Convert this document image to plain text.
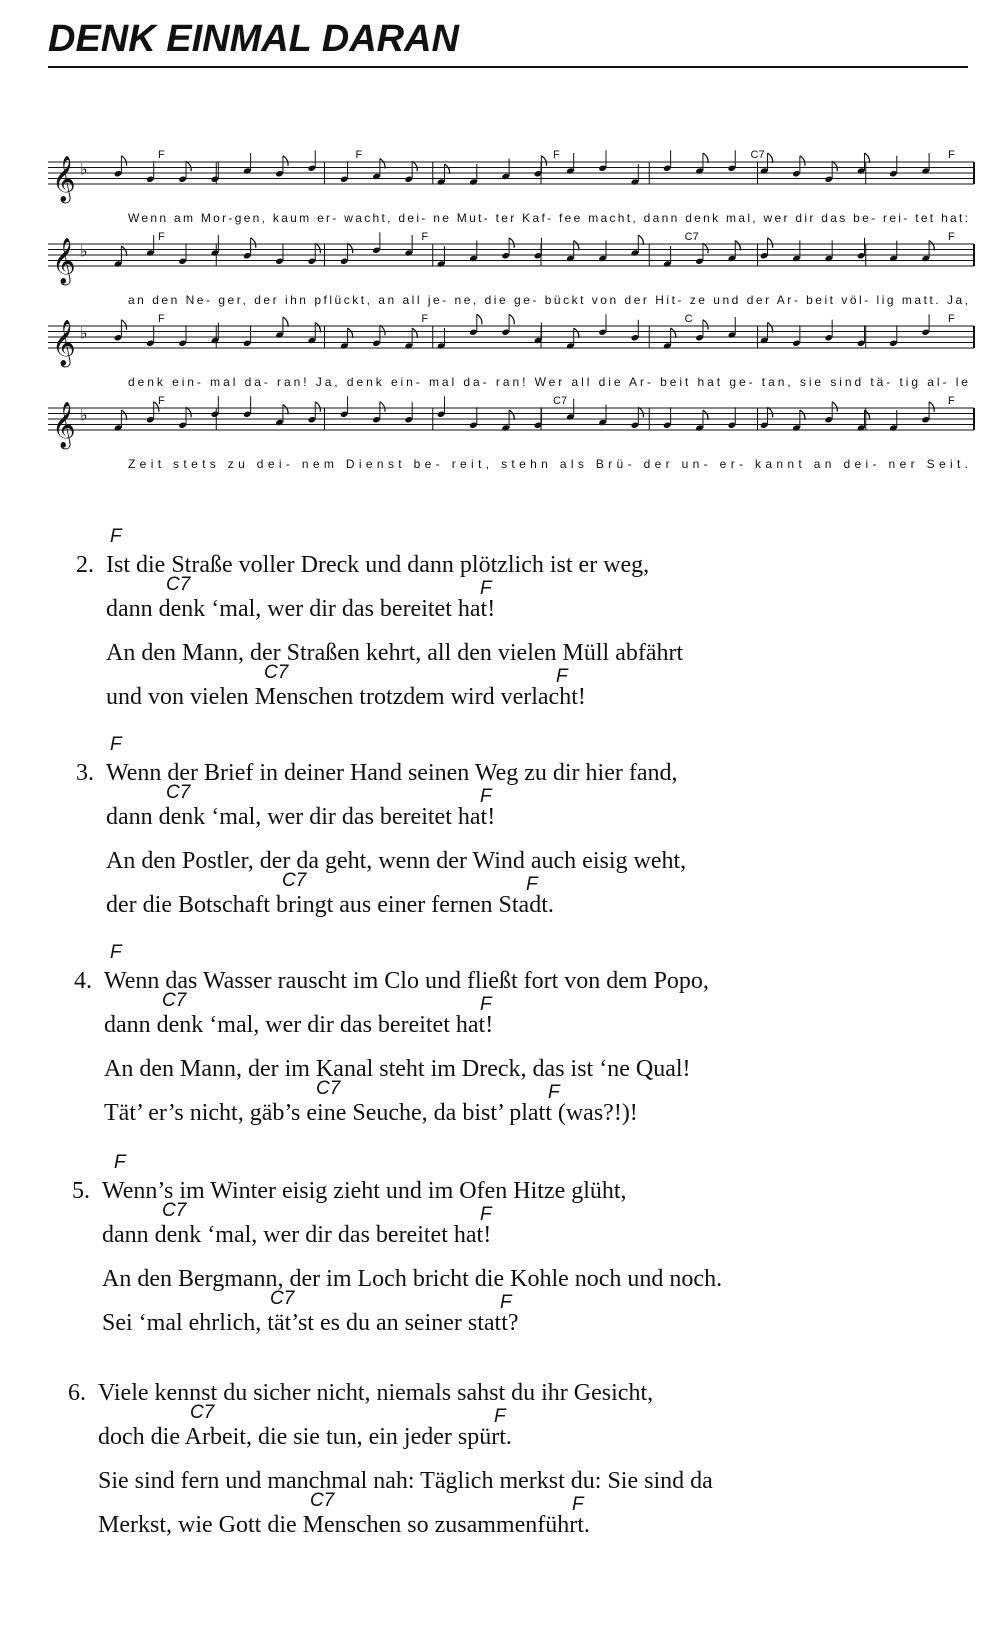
DENK EINMAL DARAN
𝄞 ♭
F	F	F	C7	F
Wenn am Mor-gen, kaum er- wacht, dei- ne Mut- ter Kaf- fee macht, dann denk mal, wer dir das be- rei- tet hat:
𝄞 ♭
F	F	C7	F
an den Ne- ger, der ihn pflückt, an all je- ne, die ge- bückt von der Hit- ze und der Ar- beit völ- lig matt. Ja,
𝄞 ♭
F	F	C	F
denk ein- mal da- ran! Ja, denk ein- mal da- ran! Wer all die Ar- beit hat ge- tan, sie sind tä- tig al- le
𝄞 ♭
F	C7	F
Zeit stets zu dei- nem Dienst be- reit, stehn als Brü- der un- er- kannt an dei- ner Seit.
F
2. Ist die Straße voller Dreck und dann plötzlich ist er weg,
C7	F
dann denk ‘mal, wer dir das bereitet hat!
An den Mann, der Straßen kehrt, all den vielen Müll abfährt
C7	F
und von vielen Menschen trotzdem wird verlacht!
F
3. Wenn der Brief in deiner Hand seinen Weg zu dir hier fand,
C7	F
dann denk ‘mal, wer dir das bereitet hat!
An den Postler, der da geht, wenn der Wind auch eisig weht,
C7	F
der die Botschaft bringt aus einer fernen Stadt.
F
4. Wenn das Wasser rauscht im Clo und fließt fort von dem Popo,
C7	F
dann denk ‘mal, wer dir das bereitet hat!
An den Mann, der im Kanal steht im Dreck, das ist ‘ne Qual!
C7	F
Tät’ er’s nicht, gäb’s eine Seuche, da bist’ platt (was?!)!
F
5. Wenn’s im Winter eisig zieht und im Ofen Hitze glüht,
C7	F
dann denk ‘mal, wer dir das bereitet hat!
An den Bergmann, der im Loch bricht die Kohle noch und noch.
C7	F
Sei ‘mal ehrlich, tät’st es du an seiner statt?
6. Viele kennst du sicher nicht, niemals sahst du ihr Gesicht,
C7	F
doch die Arbeit, die sie tun, ein jeder spürt.
Sie sind fern und manchmal nah: Täglich merkst du: Sie sind da
C7	F
Merkst, wie Gott die Menschen so zusammenführt.
